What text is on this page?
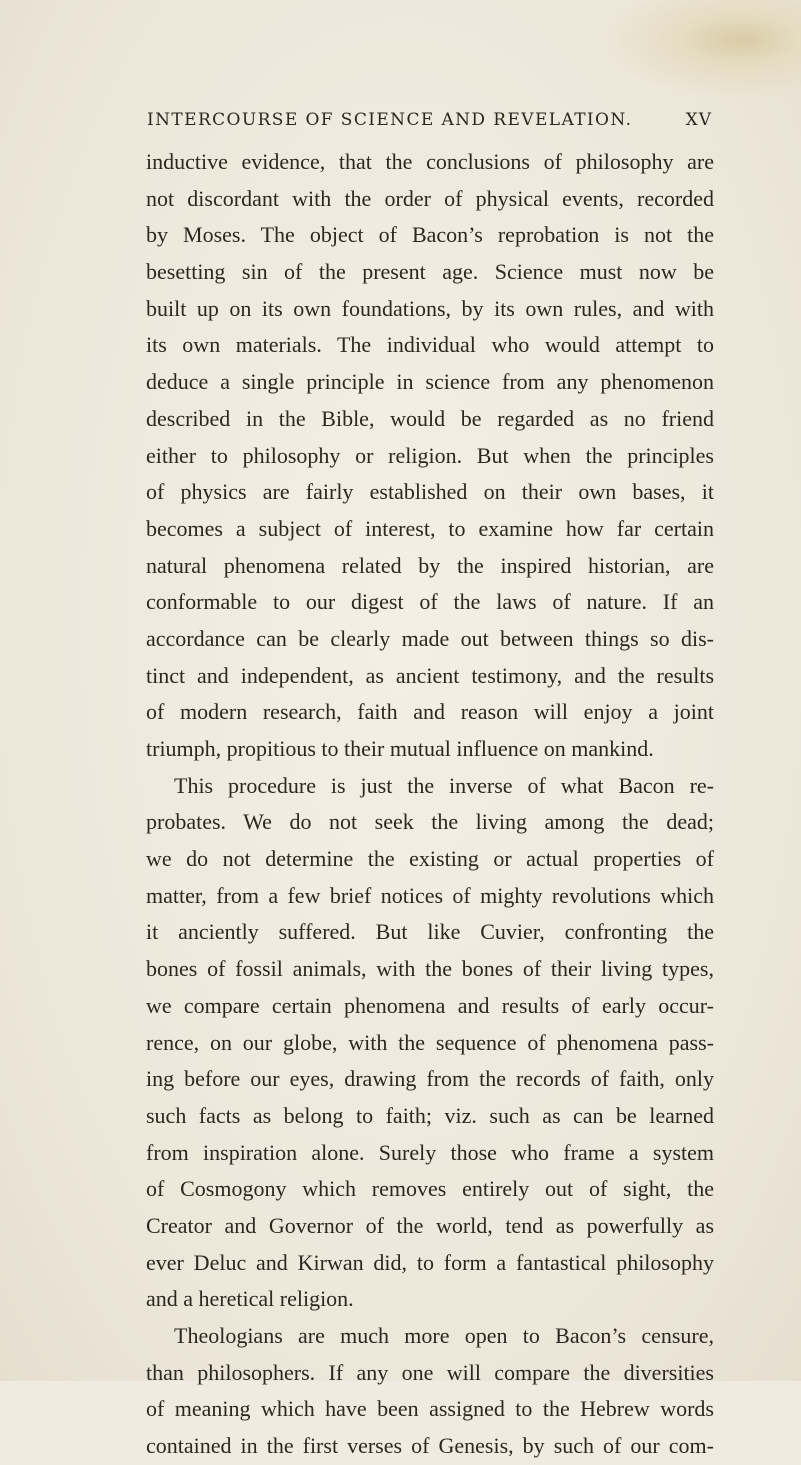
INTERCOURSE OF SCIENCE AND REVELATION.	XV
inductive evidence, that the conclusions of philosophy are
not discordant with the order of physical events, recorded
by Moses. The object of Bacon’s reprobation is not the
besetting sin of the present age. Science must now be
built up on its own foundations, by its own rules, and with
its own materials. The individual who would attempt to
deduce a single principle in science from any phenomenon
described in the Bible, would be regarded as no friend
either to philosophy or religion. But when the principles
of physics are fairly established on their own bases, it
becomes a subject of interest, to examine how far certain
natural phenomena related by the inspired historian, are
conformable to our digest of the laws of nature. If an
accordance can be clearly made out between things so dis-
tinct and independent, as ancient testimony, and the results
of modern research, faith and reason will enjoy a joint
triumph, propitious to their mutual influence on mankind.
This procedure is just the inverse of what Bacon re-
probates. We do not seek the living among the dead;
we do not determine the existing or actual properties of
matter, from a few brief notices of mighty revolutions which
it anciently suffered. But like Cuvier, confronting the
bones of fossil animals, with the bones of their living types,
we compare certain phenomena and results of early occur-
rence, on our globe, with the sequence of phenomena pass-
ing before our eyes, drawing from the records of faith, only
such facts as belong to faith; viz. such as can be learned
from inspiration alone. Surely those who frame a system
of Cosmogony which removes entirely out of sight, the
Creator and Governor of the world, tend as powerfully as
ever Deluc and Kirwan did, to form a fantastical philosophy
and a heretical religion.
Theologians are much more open to Bacon’s censure,
than philosophers. If any one will compare the diversities
of meaning which have been assigned to the Hebrew words
contained in the first verses of Genesis, by such of our com-
